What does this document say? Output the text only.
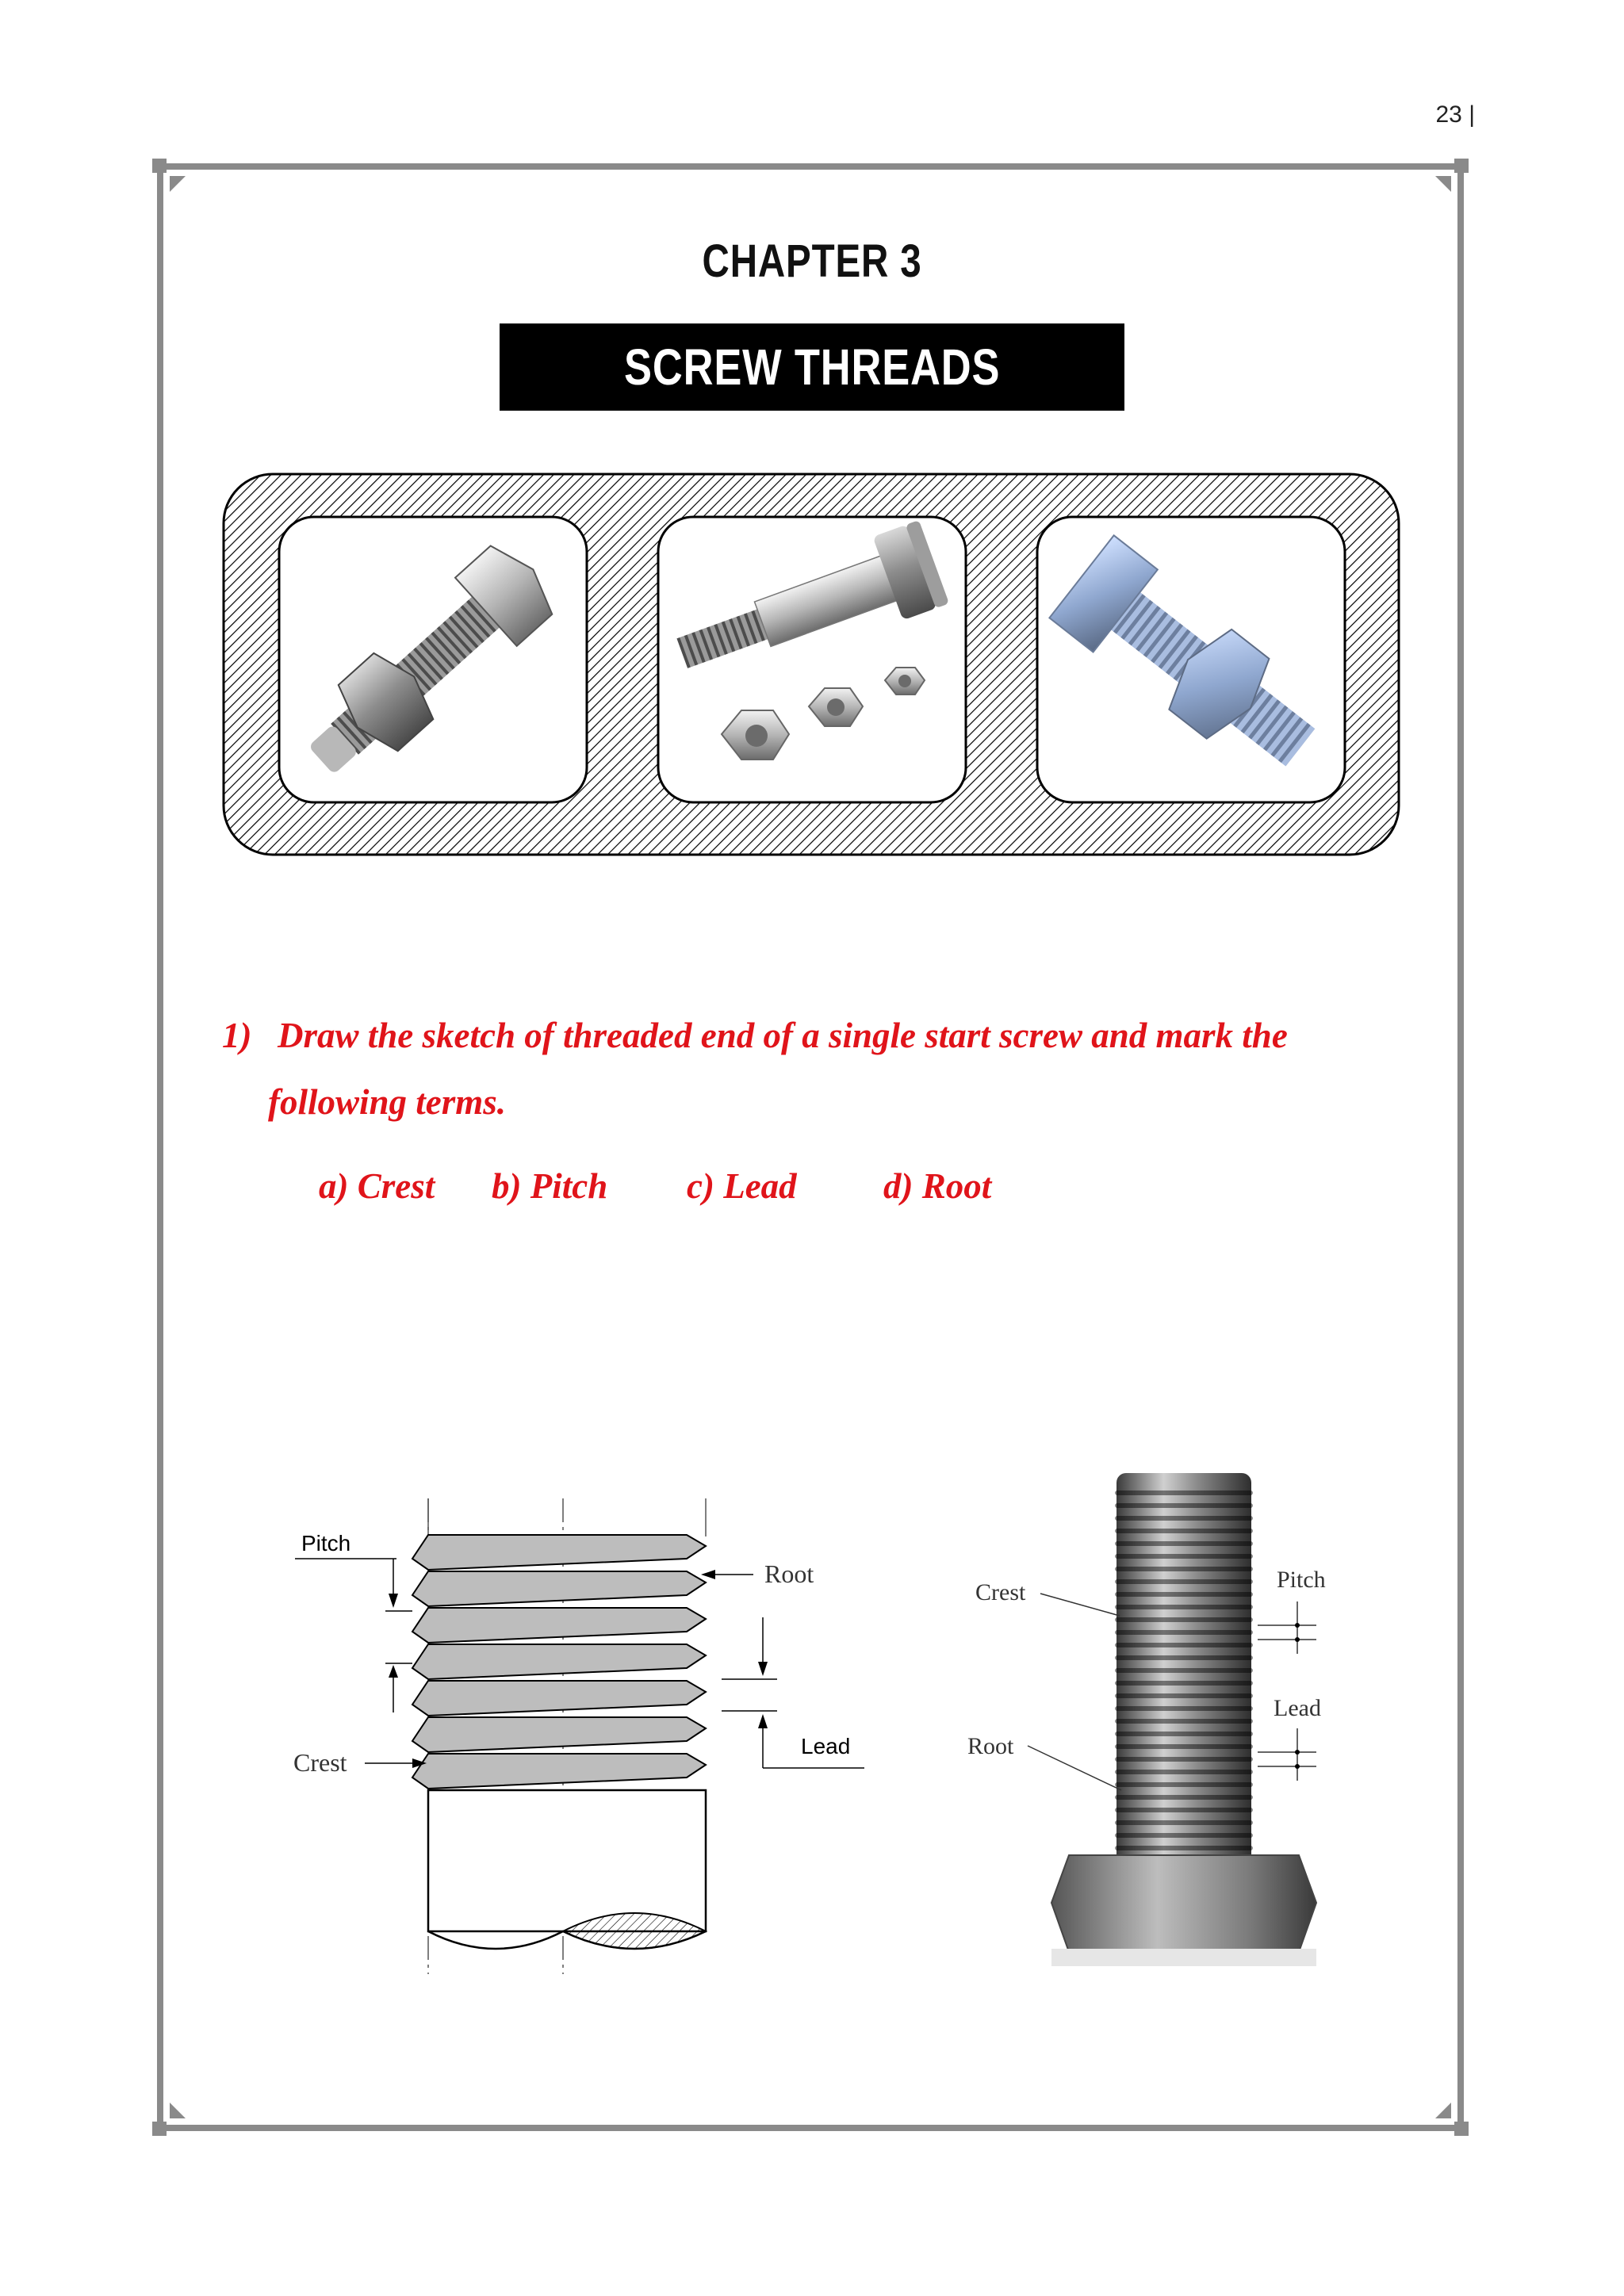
23 |
CHAPTER 3
SCREW THREADS
1) Draw the sketch of threaded end of a single start screw and mark the
following terms.
a) Crest b) Pitch c) Lead d) Root
Pitch
Root
Lead
Crest
Crest
Root
Pitch
Lead
